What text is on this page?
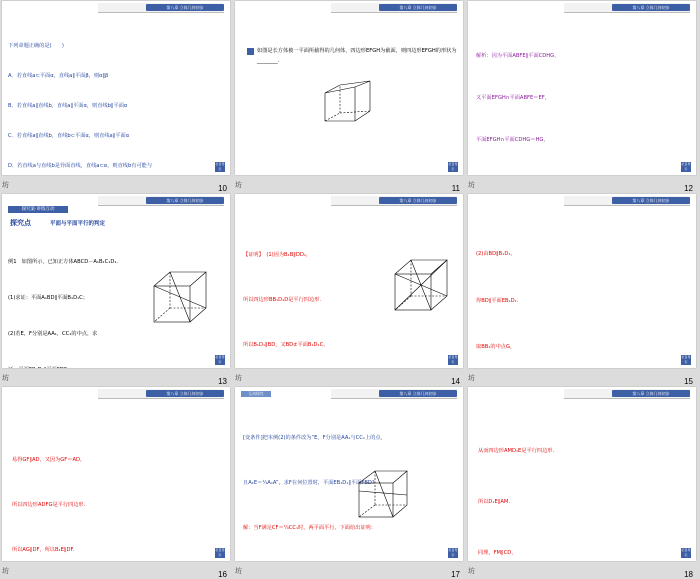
第八章 立体几何初步

下列命题正确的是(　　)

A．若直线a⊂平面α，直线a∥平面β，则α∥β

B．若直线a∥直线b，直线a∥平面α，则直线b∥平面α

C．若直线a∥直线b，直线b⊂平面α，则直线a∥平面α

D．若直线a与直线b是异面直线，直线a⊂α，则直线b有可能与

	栏目导引
10
坊
第八章 立体几何初步
如图是长方体被一平面所截得的几何体，四边形EFGH为截面，则四边形EFGH的形状为________.
栏目导引
11
坊
第八章 立体几何初步

解析：因为平面ABFE∥平面CDHG，

又平面EFGH∩平面ABFE＝EF，

平面EFGH∩平面CDHG＝HG，

栏目导引
12
坊
第八章 立体几何初步
探究案·讲练互动
探究点	平面与平面平行的判定

例1　如图所示，已知正方体ABCD－A₁B₁C₁D₁.

(1)求证：平面A₁BD∥平面B₁D₁C；

(2)若E，F分别是AA₁，CC₁的中点，求

栏目导引
13
坊
第八章 立体几何初步

【证明】　(1)因为B₁B∥DD₁，

所以四边形BB₁D₁D是平行四边形.

所以B₁D₁∥BD，又BD⊄平面B₁D₁C，

栏目导引
14
坊
第八章 立体几何初步

(2)由BD∥B₁D₁，

得BD∥平面EB₁D₁.

取BB₁的中点G，

栏目导引
15
坊
第八章 立体几何初步

易得GF∥AD，又因为GF＝AD，

所以四边形ADFG是平行四边形.

所以AG∥DF，所以B₁E∥DF.

	栏目导引
16
坊
第八章 立体几何初步
互动探究

[变条件]把本例(2)的条件改为“E，F分别是AA₁与CC₁上的点，

且A₁E＝¼A₁A”，求F在何位置时，平面EB₁D₁∥平面FBD?

解：当F满足CF＝¼CC₁时，两平面平行，下面给出证明：

栏目导引
17
坊
第八章 立体几何初步

从而四边形AMD₁E是平行四边形.

所以D₁E∥AM.

同理，FM∥CD，

	栏目导引
18
坊
